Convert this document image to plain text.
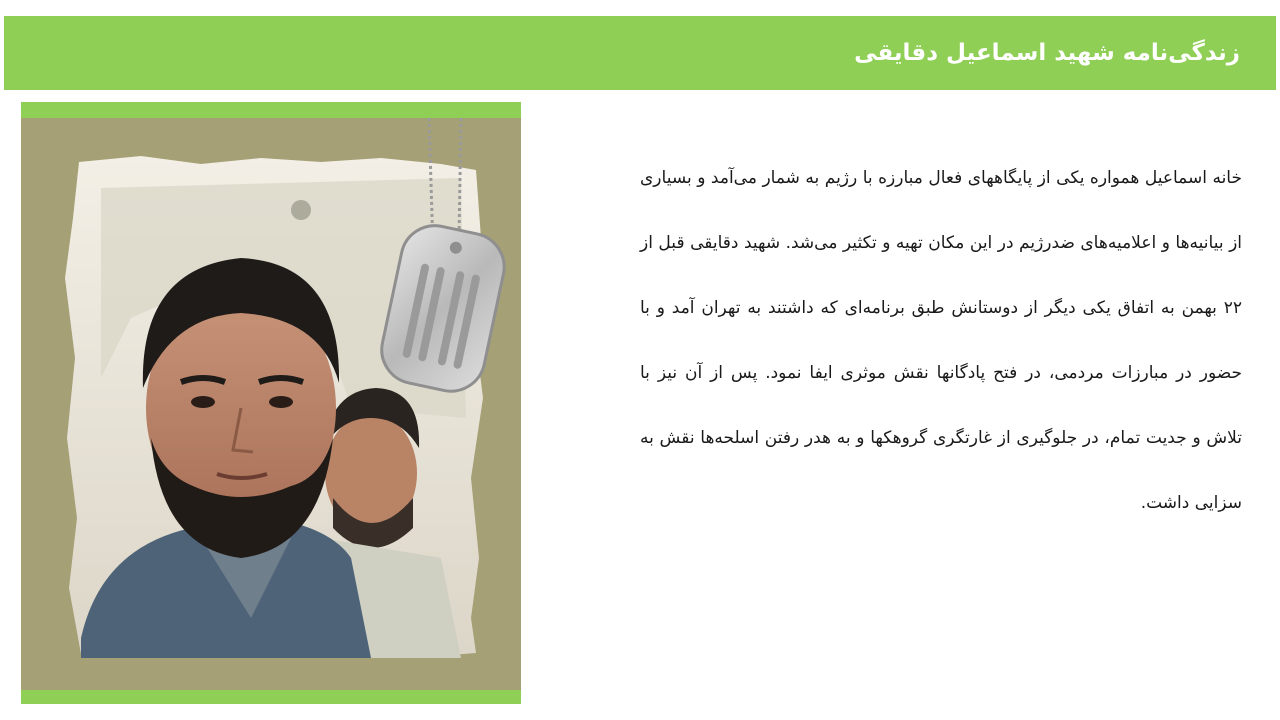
زندگی‌نامه شهید اسماعیل دقایقی
خانه اسماعیل همواره یکی از پایگاههای فعال مبارزه با رژیم به شمار می‌آمد و بسیاری از بیانیه‌ها و اعلامیه‌های ضدرژیم در این مکان تهیه و تکثیر می‌شد. شهید دقایقی قبل از ۲۲ بهمن به اتفاق یکی دیگر از دوستانش طبق برنامه‌ای که داشتند به تهران آمد و با حضور در مبارزات مردمی، در فتح پادگانها نقش موثری ایفا نمود. پس از آن نیز با تلاش و جدیت تمام، در جلوگیری از غارتگری گروهکها و به هدر رفتن اسلحه‌ها نقش به سزایی داشت.
